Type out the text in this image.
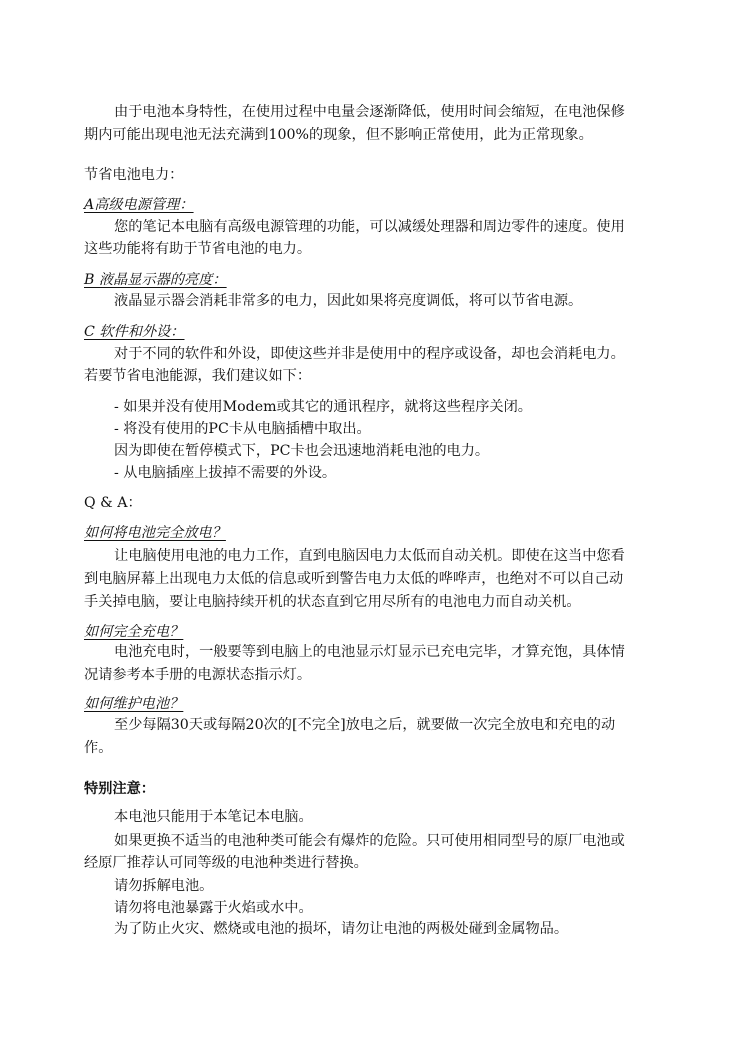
由于电池本身特性，在使用过程中电量会逐渐降低，使用时间会缩短，在电池保修
期内可能出现电池无法充满到100%的现象，但不影响正常使用，此为正常现象。
节省电池电力：
A高级电源管理：
您的笔记本电脑有高级电源管理的功能，可以减缓处理器和周边零件的速度。使用
这些功能将有助于节省电池的电力。
B 液晶显示器的亮度：
液晶显示器会消耗非常多的电力，因此如果将亮度调低，将可以节省电源。
C 软件和外设：
对于不同的软件和外设，即使这些并非是使用中的程序或设备，却也会消耗电力。
若要节省电池能源，我们建议如下：
- 如果并没有使用Modem或其它的通讯程序，就将这些程序关闭。
- 将没有使用的PC卡从电脑插槽中取出。
因为即使在暂停模式下，PC卡也会迅速地消耗电池的电力。
- 从电脑插座上拔掉不需要的外设。
Q & A：
如何将电池完全放电？
让电脑使用电池的电力工作，直到电脑因电力太低而自动关机。即使在这当中您看
到电脑屏幕上出现电力太低的信息或听到警告电力太低的哗哗声，也绝对不可以自己动
手关掉电脑，要让电脑持续开机的状态直到它用尽所有的电池电力而自动关机。
如何完全充电？
电池充电时，一般要等到电脑上的电池显示灯显示已充电完毕，才算充饱，具体情
况请参考本手册的电源状态指示灯。
如何维护电池？
至少每隔30天或每隔20次的[不完全]放电之后，就要做一次完全放电和充电的动
作。
特别注意：
本电池只能用于本笔记本电脑。
如果更换不适当的电池种类可能会有爆炸的危险。只可使用相同型号的原厂电池或
经原厂推荐认可同等级的电池种类进行替换。
请勿拆解电池。
请勿将电池暴露于火焰或水中。
为了防止火灾、燃烧或电池的损坏，请勿让电池的两极处碰到金属物品。
